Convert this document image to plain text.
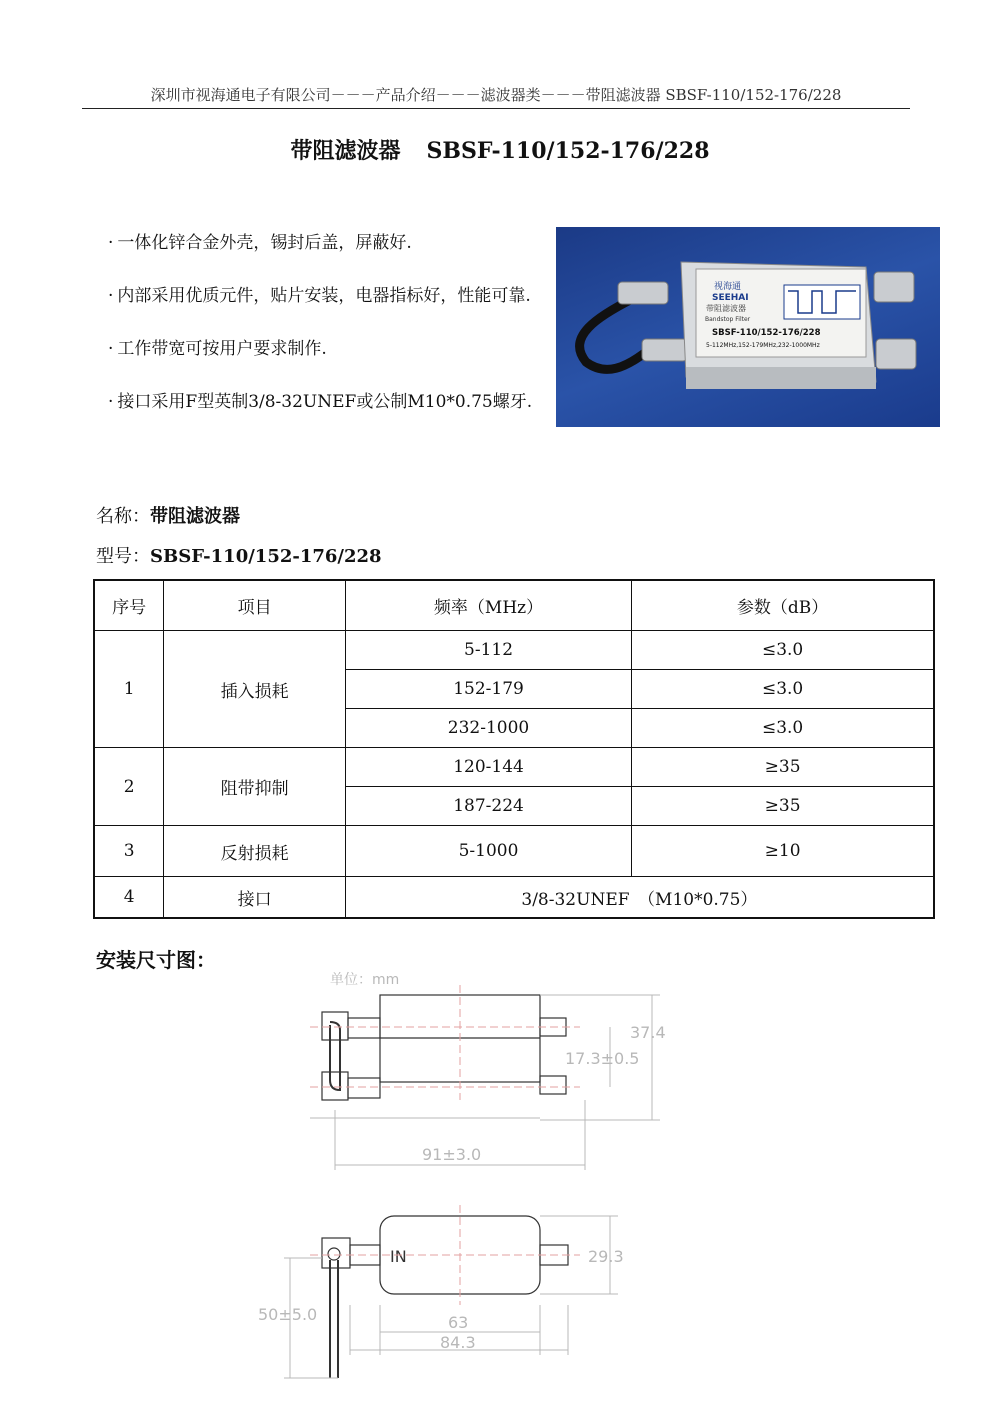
深圳市视海通电子有限公司－－－产品介绍－－－滤波器类－－－带阻滤波器 SBSF-110/152-176/228
带阻滤波器 SBSF-110/152-176/228
· 一体化锌合金外壳，锡封后盖，屏蔽好.
· 内部采用优质元件，贴片安装，电器指标好，性能可靠.
· 工作带宽可按用户要求制作.
· 接口采用F型英制3/8-32UNEF或公制M10*0.75螺牙.
视海通
SEEHAI
带阻滤波器
Bandstop Filter
SBSF-110/152-176/228
5-112MHz,152-179MHz,232-1000MHz
名称：带阻滤波器
型号：SBSF-110/152-176/228
序号	项目	频率（MHz）	参数（dB）
1	插入损耗	5-112	≤3.0
		152-179	≤3.0
		232-1000	≤3.0
2	阻带抑制	120-144	≥35
		187-224	≥35
3	反射损耗	5-1000	≥10
4	接口	3/8-32UNEF　（M10*0.75）	
安装尺寸图：
单位：mm
37.4
17.3±0.5
91±3.0
IN	29.3
50±5.0	63
84.3
